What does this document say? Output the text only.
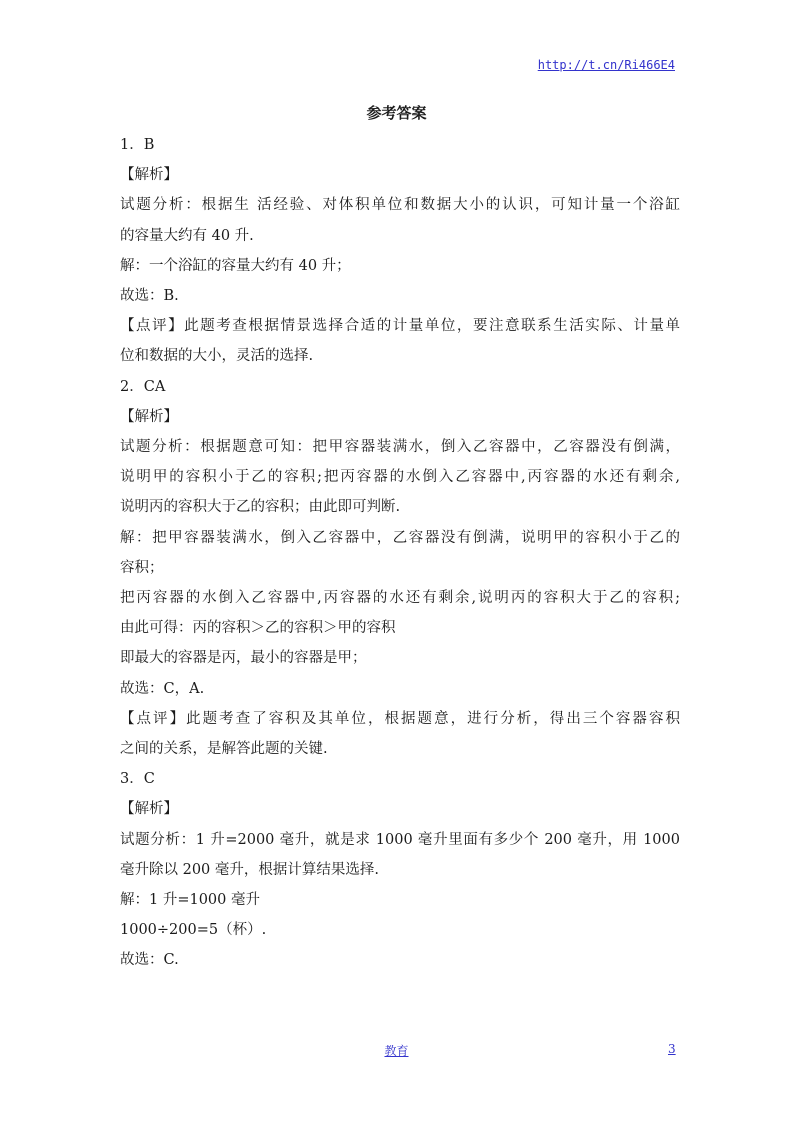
http://t.cn/Ri466E4
参考答案
1．B
【解析】
试题分析：根据生 活经验、对体积单位和数据大小的认识，可知计量一个浴缸
的容量大约有 40 升.
解：一个浴缸的容量大约有 40 升；
故选：B.
【点评】此题考查根据情景选择合适的计量单位，要注意联系生活实际、计量单
位和数据的大小，灵活的选择.
2．CA
【解析】
试题分析：根据题意可知：把甲容器装满水，倒入乙容器中，乙容器没有倒满，
说明甲的容积小于乙的容积;把丙容器的水倒入乙容器中,丙容器的水还有剩余,
说明丙的容积大于乙的容积；由此即可判断.
解：把甲容器装满水，倒入乙容器中，乙容器没有倒满，说明甲的容积小于乙的
容积；
把丙容器的水倒入乙容器中,丙容器的水还有剩余,说明丙的容积大于乙的容积;
由此可得：丙的容积＞乙的容积＞甲的容积
即最大的容器是丙，最小的容器是甲；
故选：C，A.
【点评】此题考查了容积及其单位，根据题意，进行分析，得出三个容器容积
之间的关系，是解答此题的关键.
3．C
【解析】
试题分析：1 升=2000 毫升，就是求 1000 毫升里面有多少个 200 毫升，用 1000
毫升除以 200 毫升，根据计算结果选择.
解：1 升=1000 毫升
1000÷200=5（杯）.
故选：C.
教育	3
